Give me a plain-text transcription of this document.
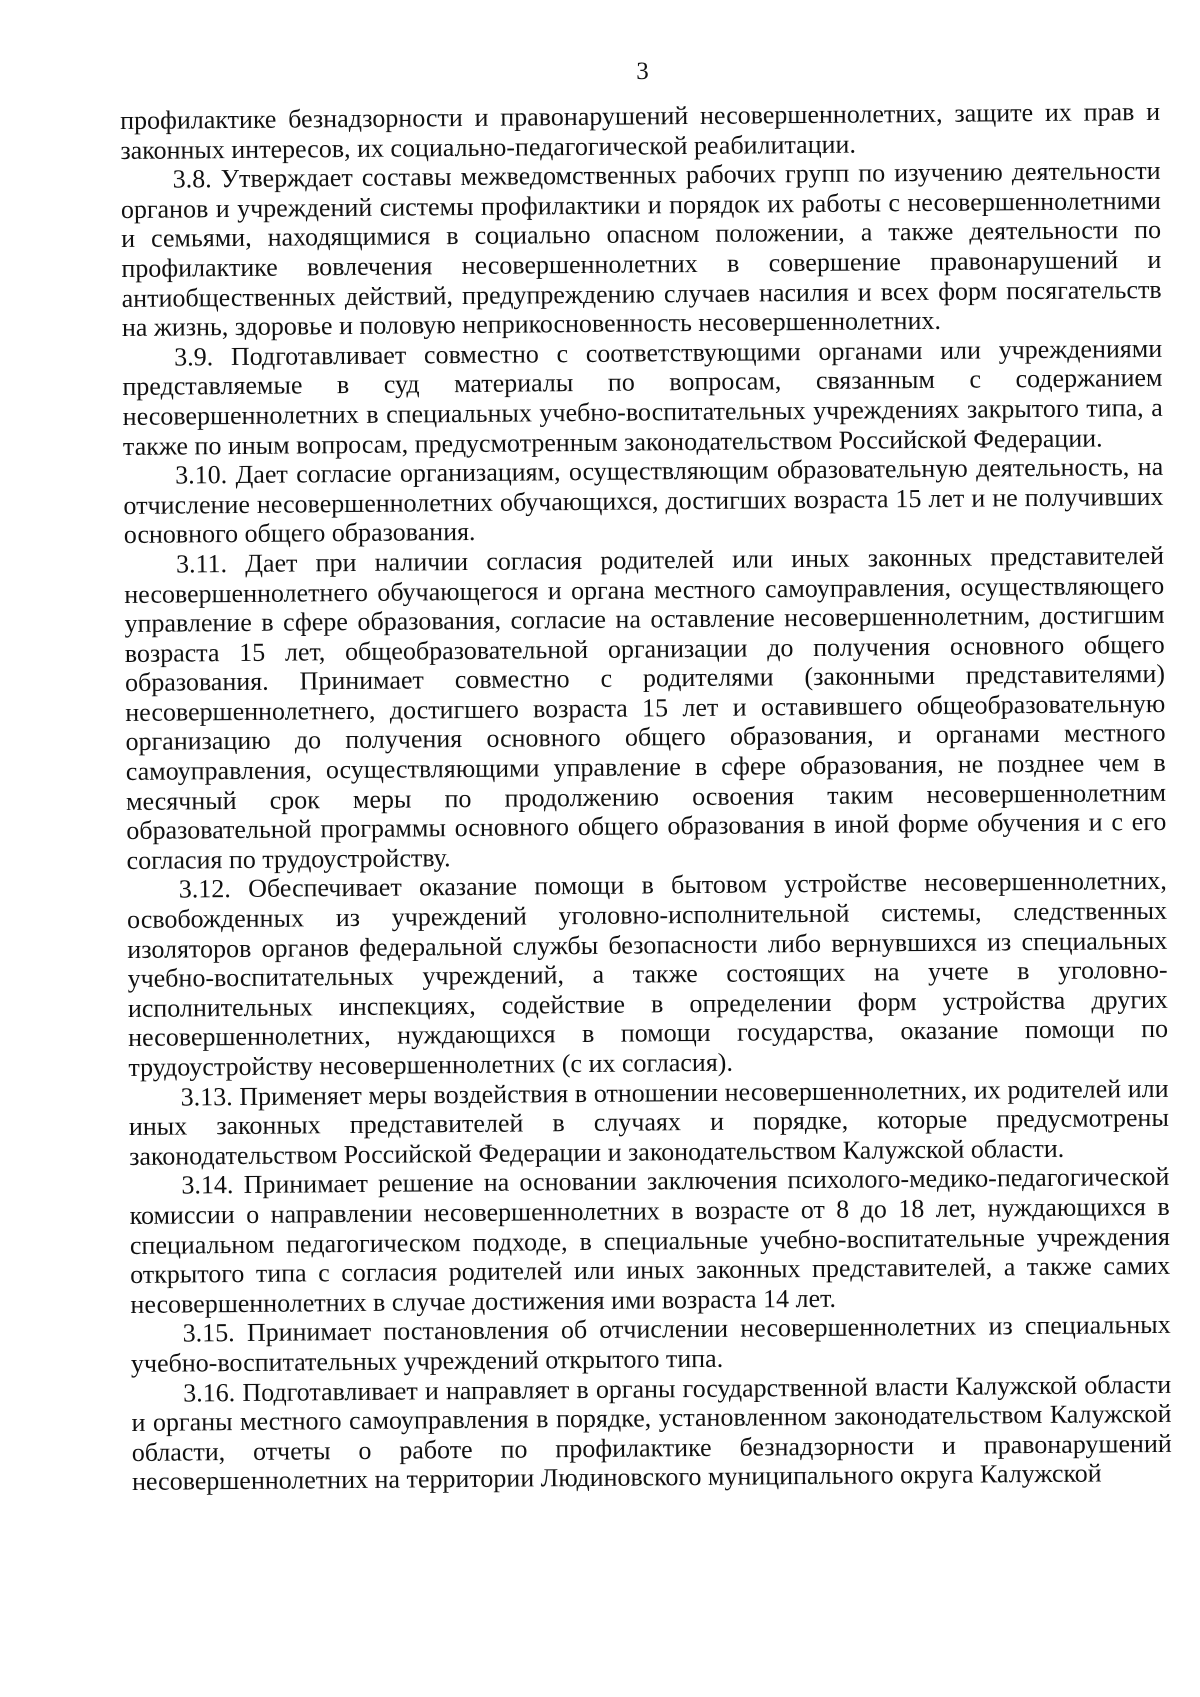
3

профилактике безнадзорности и правонарушений несовершеннолетних, защите их прав и законных интересов, их социально-педагогической реабилитации.

3.8. Утверждает составы межведомственных рабочих групп по изучению деятельности органов и учреждений системы профилактики и порядок их работы с несовершеннолетними и семьями, находящимися в социально опасном положении, а также деятельности по профилактике вовлечения несовершеннолетних в совершение правонарушений и антиобщественных действий, предупреждению случаев насилия и всех форм посягательств на жизнь, здоровье и половую неприкосновенность несовершеннолетних.

3.9. Подготавливает совместно с соответствующими органами или учреждениями представляемые в суд материалы по вопросам, связанным с содержанием несовершеннолетних в специальных учебно-воспитательных учреждениях закрытого типа, а также по иным вопросам, предусмотренным законодательством Российской Федерации.

3.10. Дает согласие организациям, осуществляющим образовательную деятельность, на отчисление несовершеннолетних обучающихся, достигших возраста 15 лет и не получивших основного общего образования.

3.11. Дает при наличии согласия родителей или иных законных представителей несовершеннолетнего обучающегося и органа местного самоуправления, осуществляющего управление в сфере образования, согласие на оставление несовершеннолетним, достигшим возраста 15 лет, общеобразовательной организации до получения основного общего образования. Принимает совместно с родителями (законными представителями) несовершеннолетнего, достигшего возраста 15 лет и оставившего общеобразовательную организацию до получения основного общего образования, и органами местного самоуправления, осуществляющими управление в сфере образования, не позднее чем в месячный срок меры по продолжению освоения таким несовершеннолетним образовательной программы основного общего образования в иной форме обучения и с его согласия по трудоустройству.

3.12. Обеспечивает оказание помощи в бытовом устройстве несовершеннолетних, освобожденных из учреждений уголовно-исполнительной системы, следственных изоляторов органов федеральной службы безопасности либо вернувшихся из специальных учебно-воспитательных учреждений, а также состоящих на учете в уголовно-исполнительных инспекциях, содействие в определении форм устройства других несовершеннолетних, нуждающихся в помощи государства, оказание помощи по трудоустройству несовершеннолетних (с их согласия).

3.13. Применяет меры воздействия в отношении несовершеннолетних, их родителей или иных законных представителей в случаях и порядке, которые предусмотрены законодательством Российской Федерации и законодательством Калужской области.

3.14. Принимает решение на основании заключения психолого-медико-педагогической комиссии о направлении несовершеннолетних в возрасте от 8 до 18 лет, нуждающихся в специальном педагогическом подходе, в специальные учебно-воспитательные учреждения открытого типа с согласия родителей или иных законных представителей, а также самих несовершеннолетних в случае достижения ими возраста 14 лет.

3.15. Принимает постановления об отчислении несовершеннолетних из специальных учебно-воспитательных учреждений открытого типа.

3.16. Подготавливает и направляет в органы государственной власти Калужской области и органы местного самоуправления в порядке, установленном законодательством Калужской области, отчеты о работе по профилактике безнадзорности и правонарушений несовершеннолетних на территории Людиновского муниципального округа Калужской
